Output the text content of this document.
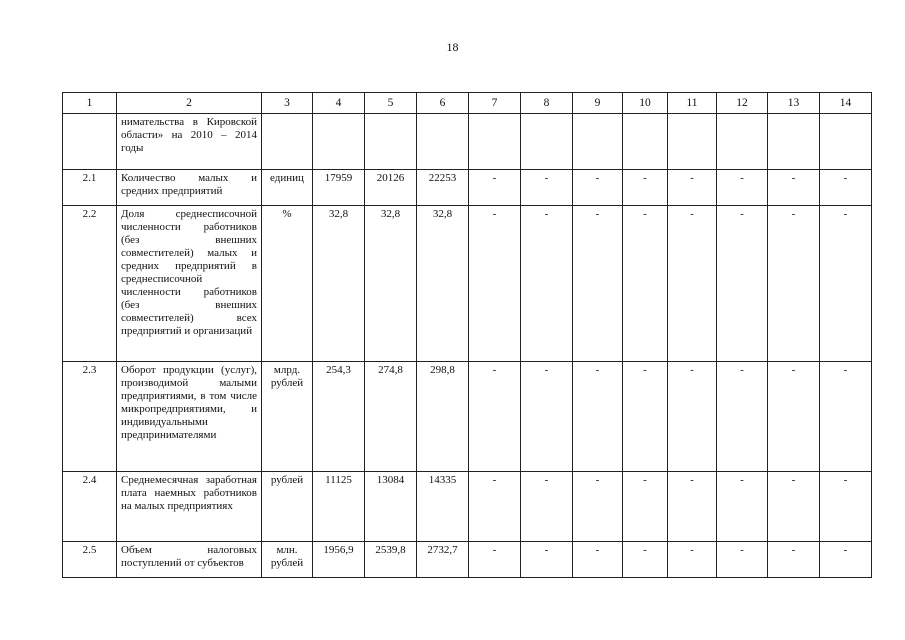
18
1	2	3	4	5	6	7	8	9	10	11	12	13	14
	нимательства в Кировской области» на 2010 – 2014 годы												
2.1	Количество малых и средних предприятий	единиц	17959	20126	22253	-	-	-	-	-	-	-	-
2.2	Доля среднесписочной численности работников (без внешних совместителей) малых и средних предприятий в среднесписочной численности работников (без внешних совместителей) всех предприятий и организаций	%	32,8	32,8	32,8	-	-	-	-	-	-	-	-
2.3	Оборот продукции (услуг), производимой малыми предприятиями, в том числе микропредприятиями, и индивидуальными предпринимателями	млрд. рублей	254,3	274,8	298,8	-	-	-	-	-	-	-	-
2.4	Среднемесячная заработная плата наемных работников на малых предприятиях	рублей	11125	13084	14335	-	-	-	-	-	-	-	-
2.5	Объем налоговых поступлений от субъектов	млн. рублей	1956,9	2539,8	2732,7	-	-	-	-	-	-	-	-
